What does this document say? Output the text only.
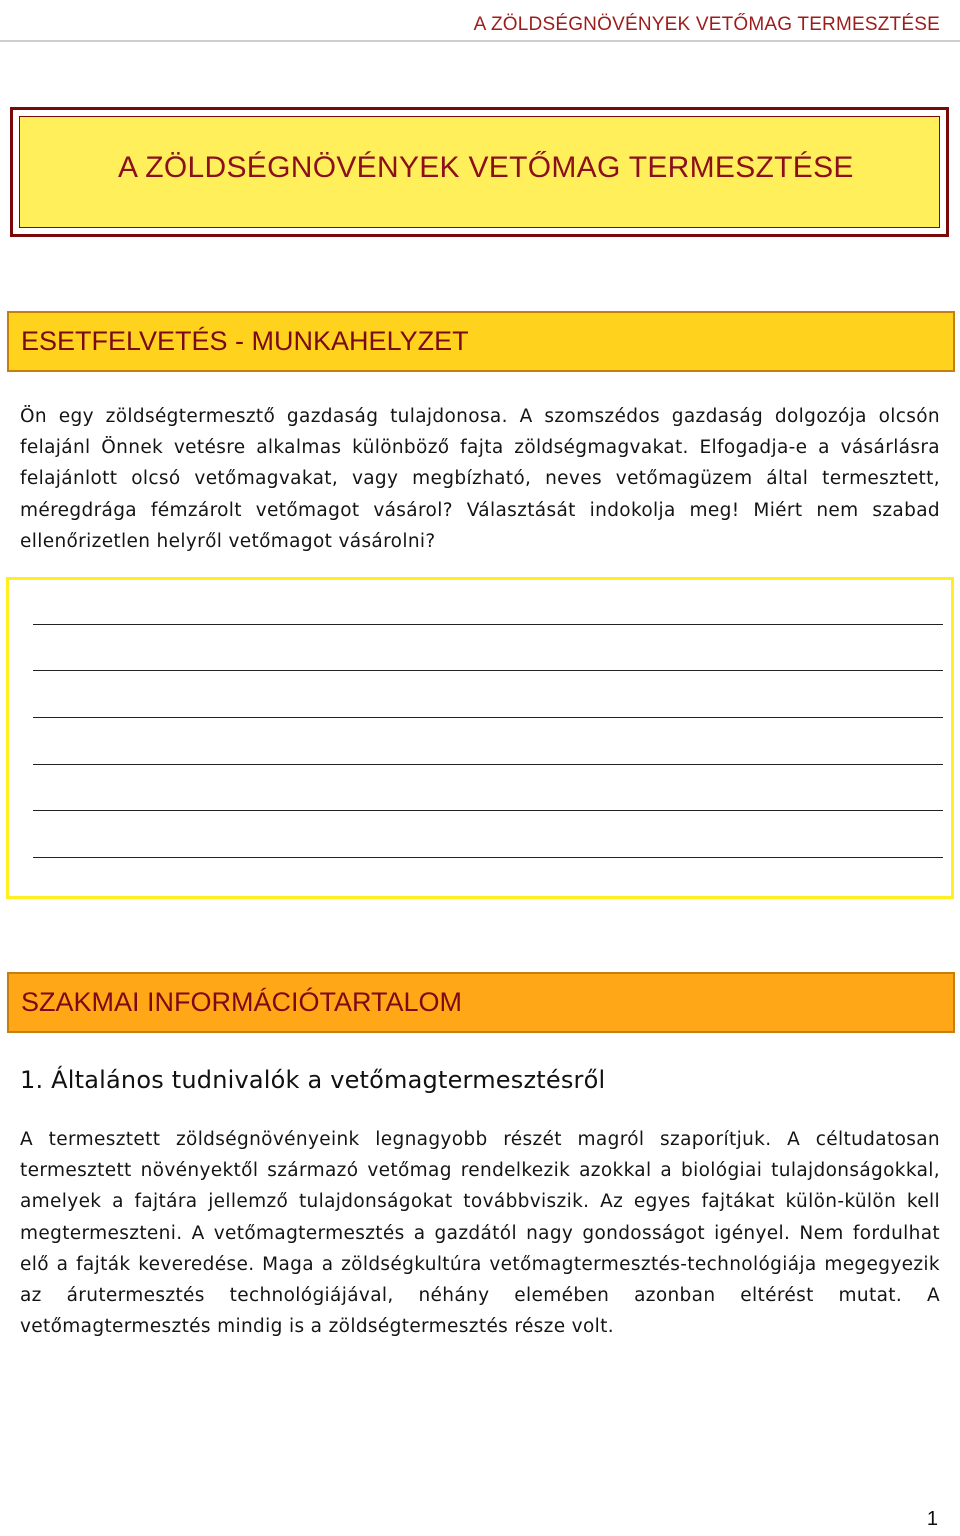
A ZÖLDSÉGNÖVÉNYEK VETŐMAG TERMESZTÉSE
A ZÖLDSÉGNÖVÉNYEK VETŐMAG TERMESZTÉSE
ESETFELVETÉS - MUNKAHELYZET

Ön egy zöldségtermesztő gazdaság tulajdonosa. A szomszédos gazdaság dolgozója olcsón felajánl Önnek vetésre alkalmas különböző fajta zöldségmagvakat. Elfogadja-e a vásárlásra felajánlott olcsó vetőmagvakat, vagy megbízható, neves vetőmagüzem által termesztett, méregdrága fémzárolt vetőmagot vásárol? Választását indokolja meg! Miért nem szabad ellenőrizetlen helyről vetőmagot vásárolni?

SZAKMAI INFORMÁCIÓTARTALOM
1. Általános tudnivalók a vetőmagtermesztésről

A termesztett zöldségnövényeink legnagyobb részét magról szaporítjuk. A céltudatosan termesztett növényektől származó vetőmag rendelkezik azokkal a biológiai tulajdonságokkal, amelyek a fajtára jellemző tulajdonságokat továbbviszik. Az egyes fajtákat külön-külön kell megtermeszteni. A vetőmagtermesztés a gazdától nagy gondosságot igényel. Nem fordulhat elő a fajták keveredése. Maga a zöldségkultúra vetőmagtermesztés-technológiája megegyezik az árutermesztés technológiájával, néhány elemében azonban eltérést mutat. A vetőmagtermesztés mindig is a zöldségtermesztés része volt.

1
